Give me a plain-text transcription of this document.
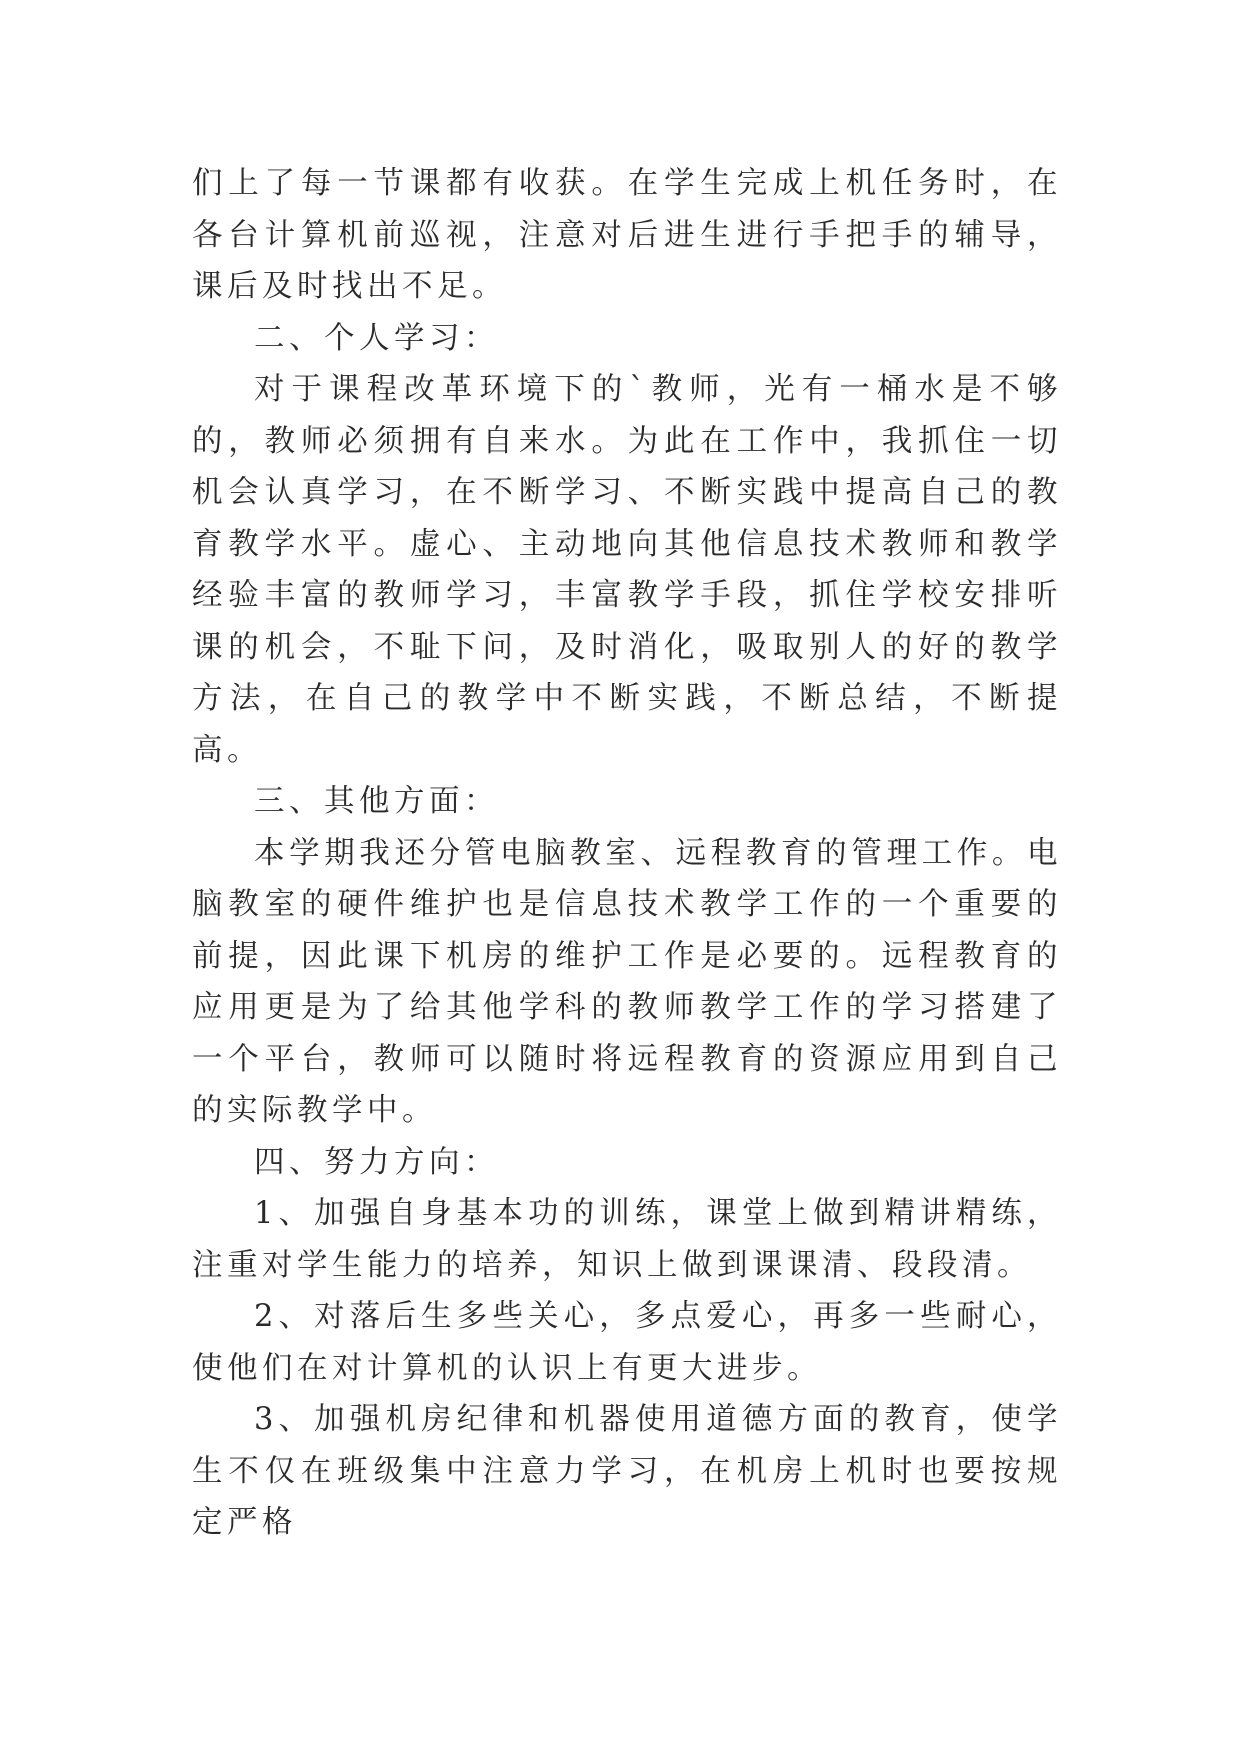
们上了每一节课都有收获。在学生完成上机任务时，在各台计算机前巡视，注意对后进生进行手把手的辅导，课后及时找出不足。

二、个人学习：

对于课程改革环境下的`教师，光有一桶水是不够的，教师必须拥有自来水。为此在工作中，我抓住一切机会认真学习，在不断学习、不断实践中提高自己的教育教学水平。虚心、主动地向其他信息技术教师和教学经验丰富的教师学习，丰富教学手段，抓住学校安排听课的机会，不耻下问，及时消化，吸取别人的好的教学方法，在自己的教学中不断实践，不断总结，不断提高。

三、其他方面：

本学期我还分管电脑教室、远程教育的管理工作。电脑教室的硬件维护也是信息技术教学工作的一个重要的前提，因此课下机房的维护工作是必要的。远程教育的应用更是为了给其他学科的教师教学工作的学习搭建了一个平台，教师可以随时将远程教育的资源应用到自己的实际教学中。

四、努力方向：

1、加强自身基本功的训练，课堂上做到精讲精练，注重对学生能力的培养，知识上做到课课清、段段清。

2、对落后生多些关心，多点爱心，再多一些耐心，使他们在对计算机的认识上有更大进步。

3、加强机房纪律和机器使用道德方面的教育，使学生不仅在班级集中注意力学习，在机房上机时也要按规定严格
